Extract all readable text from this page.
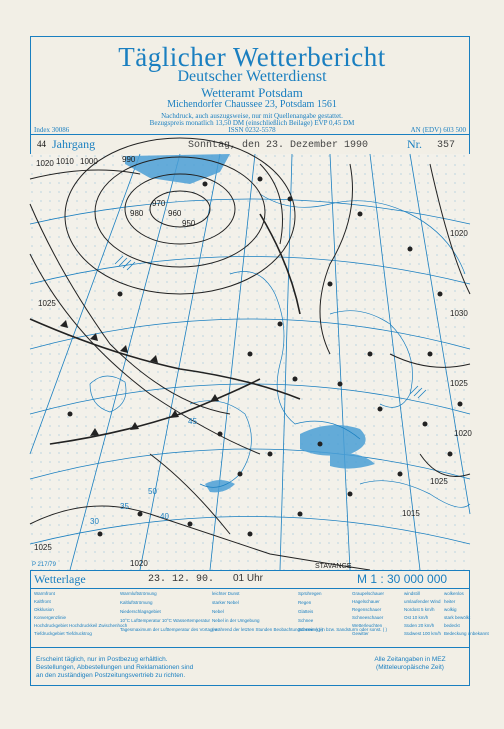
Täglicher Wetterbericht
Deutscher Wetterdienst
Wetteramt Potsdam
Michendorfer Chaussee 23, Potsdam 1561
Nachdruck, auch auszugsweise, nur mit Quellenangabe gestattet.
Bezugspreis monatlich 13,50 DM (einschließlich Beilage) EVP 0,45 DM
ISSN 0232-5578
Index 30086	AN (EDV) 603 500
44 Jahrgang	Sonntag, den 23. Dezember 1990	Nr. 357
1020 1010 1000	990
980
970
960
950
1025
1020
1030
1025
1020
1015
1025
1020
1025
50
45
40
35
30
STAVANGE
P 217/79
Wetterlage	23. 12. 90. 01 Uhr	M 1 : 30 000 000
Warmfront
Kaltfront
Okklusion
Konvergenzlinie
Hochdruckgebiet Hochdruckkeil Zwischenhoch
Tiefdruckgebiet Tiefdrucktrog
Warmluftströmung
Kaltluftströmung
Niederschlagsgebiet
10°C Lufttemperatur 10°C Wassertemperatur
Tagesmaximum der Lufttemperatur des Vortages
leichter Dunst
starker Nebel
Nebel
Nebel in der Umgebung
( während der letzten Stunden Beobachtungstermin ) ( )
Sprühregen
Regen
Glatteis
Schnee
Schneeregen bzw. Sandsturm oder sonst. ( )
Graupelschauer
Hagelschauer
Regenschauer
Schneeschauer
Wetterleuchten
Gewitter
windstill
umlaufender Wind
Nordost 5 km/h
Ost 10 km/h
Süden 20 km/h
Südwest 100 km/h
wolkenlos
heiter
wolkig
stark bewölkt
bedeckt
Bedeckung unbekannt
Erscheint täglich, nur im Postbezug erhältlich.
Bestellungen, Abbestellungen und Reklamationen sind
an den zuständigen Postzeitungsvertrieb zu richten.
Alle Zeitangaben in MEZ
(Mitteleuropäische Zeit)
